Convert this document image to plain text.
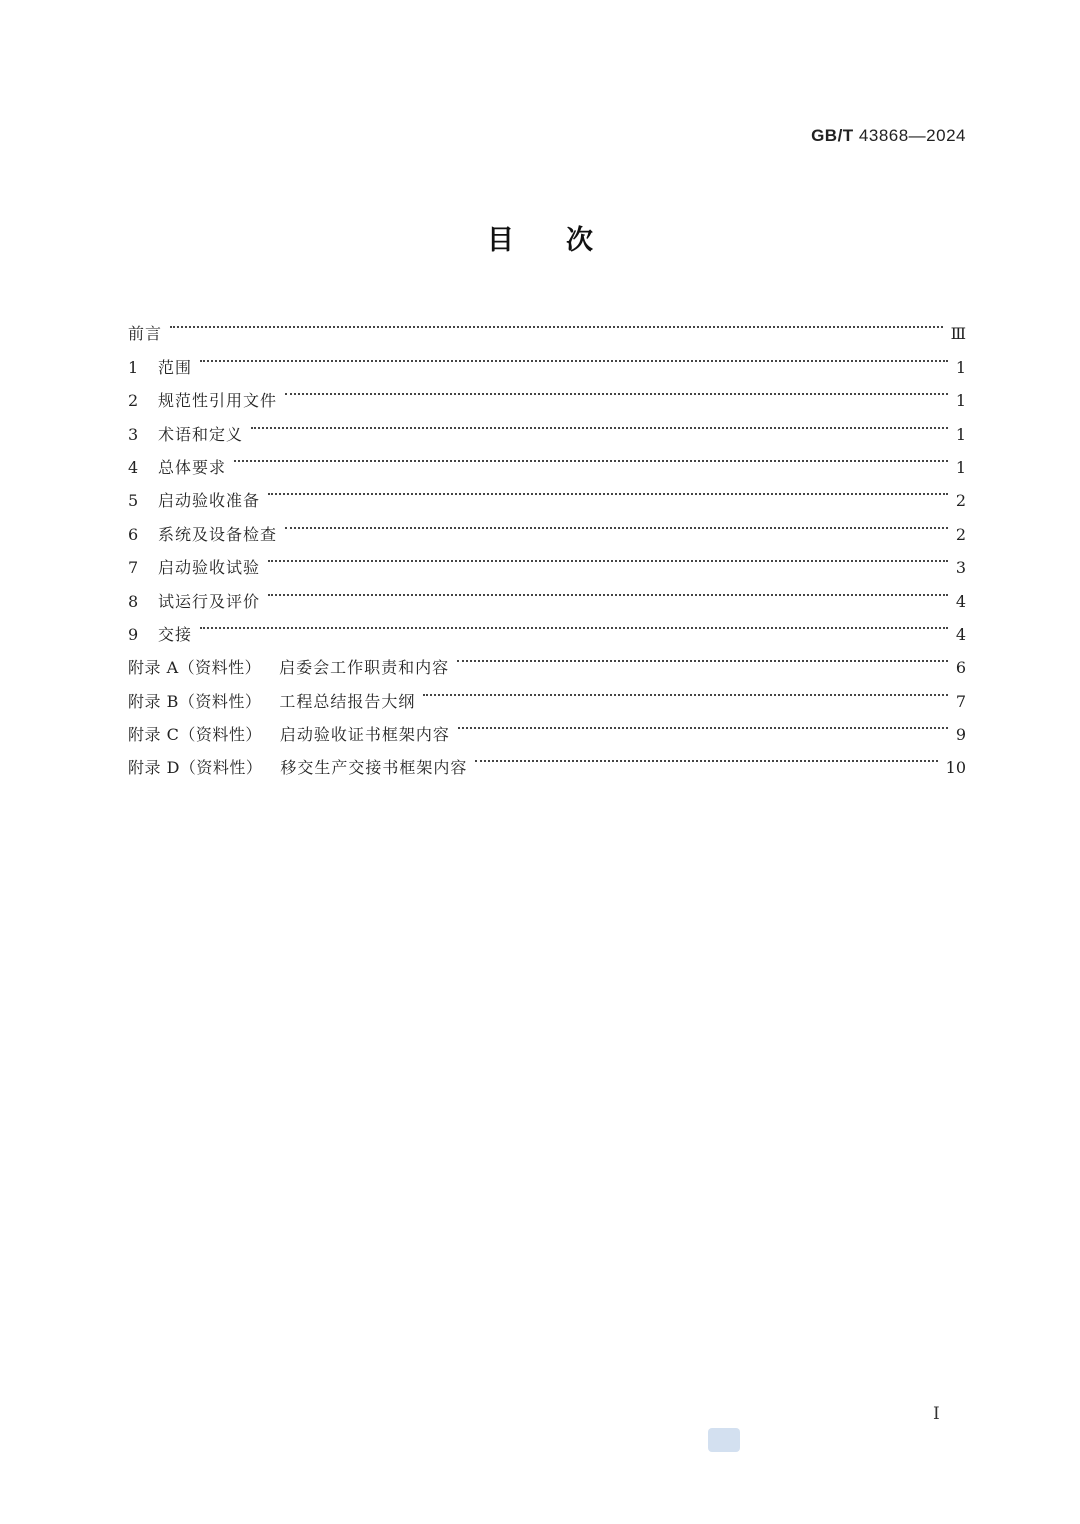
GB/T 43868—2024
目次
前言	Ⅲ
1	范围	1
2	规范性引用文件	1
3	术语和定义	1
4	总体要求	1
5	启动验收准备	2
6	系统及设备检查	2
7	启动验收试验	3
8	试运行及评价	4
9	交接	4
附录 A（资料性） 启委会工作职责和内容	6
附录 B（资料性） 工程总结报告大纲	7
附录 C（资料性） 启动验收证书框架内容	9
附录 D（资料性） 移交生产交接书框架内容	10
I
